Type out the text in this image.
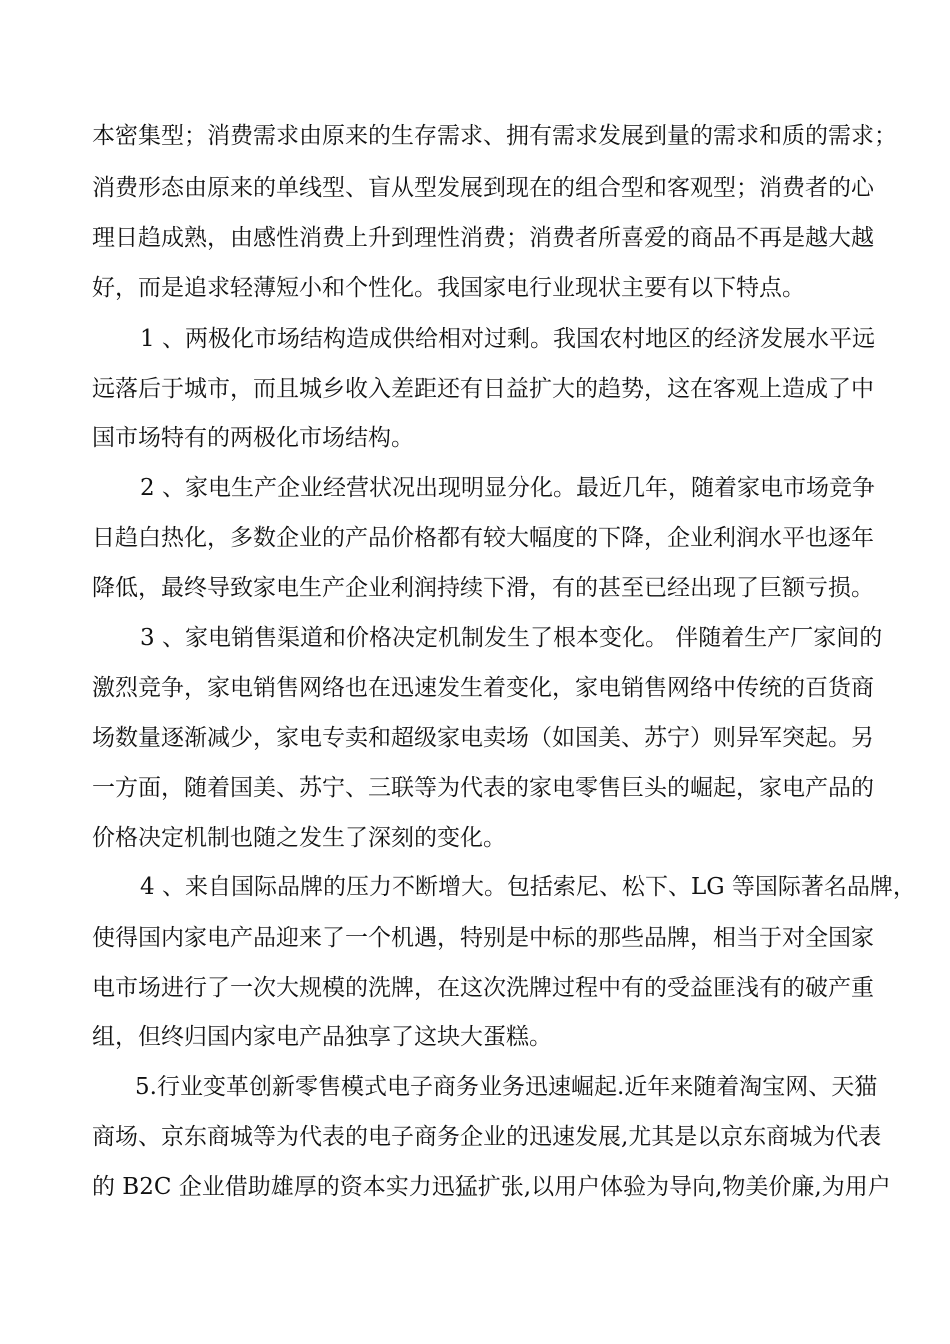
本密集型；消费需求由原来的生存需求、拥有需求发展到量的需求和质的需求；
消费形态由原来的单线型、盲从型发展到现在的组合型和客观型；消费者的心
理日趋成熟，由感性消费上升到理性消费；消费者所喜爱的商品不再是越大越
好，而是追求轻薄短小和个性化。我国家电行业现状主要有以下特点。
1 、两极化市场结构造成供给相对过剩。我国农村地区的经济发展水平远
远落后于城市，而且城乡收入差距还有日益扩大的趋势，这在客观上造成了中
国市场特有的两极化市场结构。
2 、家电生产企业经营状况出现明显分化。最近几年，随着家电市场竞争
日趋白热化，多数企业的产品价格都有较大幅度的下降，企业利润水平也逐年
降低，最终导致家电生产企业利润持续下滑，有的甚至已经出现了巨额亏损。
3 、家电销售渠道和价格决定机制发生了根本变化。 伴随着生产厂家间的
激烈竞争，家电销售网络也在迅速发生着变化，家电销售网络中传统的百货商
场数量逐渐减少，家电专卖和超级家电卖场（如国美、苏宁）则异军突起。另
一方面，随着国美、苏宁、三联等为代表的家电零售巨头的崛起，家电产品的
价格决定机制也随之发生了深刻的变化。
4 、来自国际品牌的压力不断增大。包括索尼、松下、LG 等国际著名品牌，
使得国内家电产品迎来了一个机遇，特别是中标的那些品牌，相当于对全国家
电市场进行了一次大规模的洗牌，在这次洗牌过程中有的受益匪浅有的破产重
组，但终归国内家电产品独享了这块大蛋糕。
5.行业变革创新零售模式电子商务业务迅速崛起.近年来随着淘宝网、天猫
商场、京东商城等为代表的电子商务企业的迅速发展,尤其是以京东商城为代表
的 B2C 企业借助雄厚的资本实力迅猛扩张,以用户体验为导向,物美价廉,为用户
